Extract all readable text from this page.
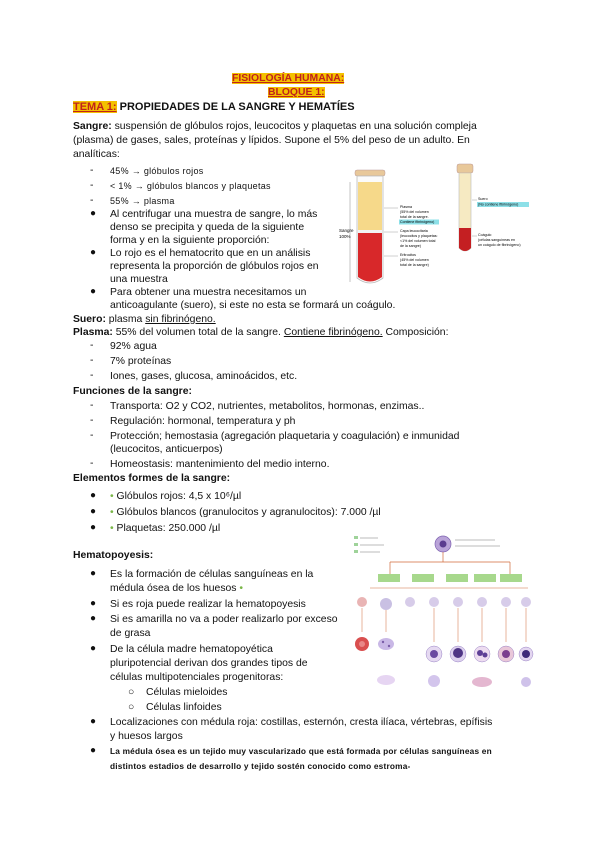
FISIOLOGÍA HUMANA:
BLOQUE 1:
TEMA 1: PROPIEDADES DE LA SANGRE Y HEMATÍES
Sangre: suspensión de glóbulos rojos, leucocitos y plaquetas en una solución compleja
(plasma) de gases, sales, proteínas y lípidos. Supone el 5% del peso de un adulto. En
analíticas:
- 45% → glóbulos rojos
- < 1% → glóbulos blancos y plaquetas
- 55% → plasma
● Al centrifugar una muestra de sangre, lo más
denso se precipita y queda de la siguiente
forma y en la siguiente proporción:
● Lo rojo es el hematocrito que en un análisis
representa la proporción de glóbulos rojos en
una muestra
● Para obtener una muestra necesitamos un
anticoagulante (suero), si este no esta se formará un coágulo.
Sangre
100%
Plasma
(55% del volumen
total de la sangre.
Contiene fibrinógeno)
Capa leucocitaria
(leucocitos y plaquetas:
<1% del volumen total
de la sangre)
Eritrocitos
(45% del volumen
total de la sangre)
Suero
(No contiene fibrinógeno)
Coágulo
(células sanguíneas en
un coágulo de fibrinógeno)
Suero: plasma sin fibrinógeno.
Plasma: 55% del volumen total de la sangre. Contiene fibrinógeno. Composición:
- 92% agua
- 7% proteínas
- Iones, gases, glucosa, aminoácidos, etc.
Funciones de la sangre:
- Transporta: O2 y CO2, nutrientes, metabolitos, hormonas, enzimas..
- Regulación: hormonal, temperatura y ph
- Protección; hemostasia (agregación plaquetaria y coagulación) e inmunidad
(leucocitos, anticuerpos)
- Homeostasis: mantenimiento del medio interno.
Elementos formes de la sangre:
● • Glóbulos rojos: 4,5 x 10⁶/µl
● • Glóbulos blancos (granulocitos y agranulocitos): 7.000 /µl
● • Plaquetas: 250.000 /µl
Hematopoyesis:
● Es la formación de células sanguíneas en la
médula ósea de los huesos •
● Si es roja puede realizar la hematopoyesis
● Si es amarilla no va a poder realizarlo por exceso
de grasa
● De la célula madre hematopoyética
pluripotencial derivan dos grandes tipos de
células multipotenciales progenitoras:
○ Células mieloides
○ Células linfoides
● Localizaciones con médula roja: costillas, esternón, cresta ilíaca, vértebras, epífisis
y huesos largos
● La médula ósea es un tejido muy vascularizado que está formada por células sanguíneas en
distintos estadios de desarrollo y tejido sostén conocido como estroma-
